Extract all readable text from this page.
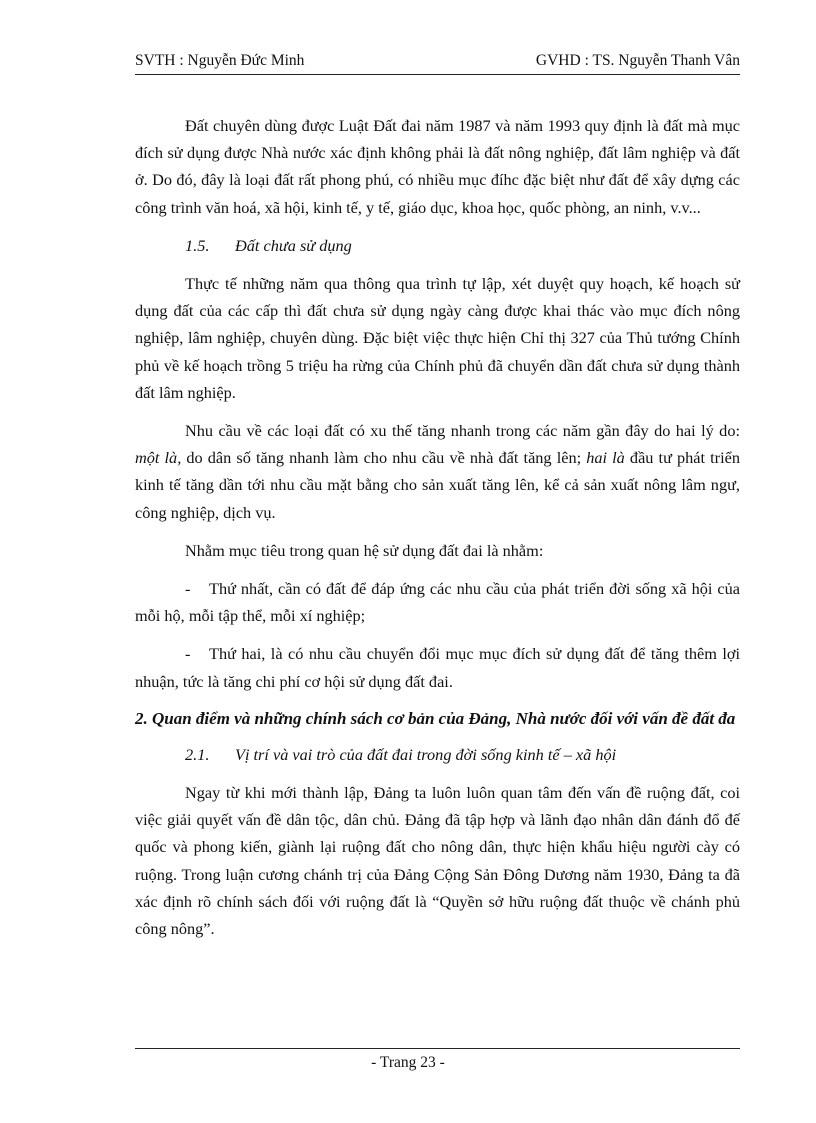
SVTH : Nguyễn Đức Minh	GVHD : TS. Nguyễn Thanh Vân

Đất chuyên dùng được Luật Đất đai năm 1987 và năm 1993 quy định là đất mà mục đích sử dụng được Nhà nước xác định không phải là đất nông nghiệp, đất lâm nghiệp và đất ở. Do đó, đây là loại đất rất phong phú, có nhiều mục đíhc đặc biệt như đất để xây dựng các công trình văn hoá, xã hội, kinh tế, y tế, giáo dục, khoa học, quốc phòng, an ninh, v.v...

1.5. Đất chưa sử dụng

Thực tế những năm qua thông qua trình tự lập, xét duyệt quy hoạch, kế hoạch sử dụng đất của các cấp thì đất chưa sử dụng ngày càng được khai thác vào mục đích nông nghiệp, lâm nghiệp, chuyên dùng. Đặc biệt việc thực hiện Chỉ thị 327 của Thủ tướng Chính phủ về kế hoạch trồng 5 triệu ha rừng của Chính phủ đã chuyển dần đất chưa sử dụng thành đất lâm nghiệp.

Nhu cầu về các loại đất có xu thế tăng nhanh trong các năm gần đây do hai lý do: một là, do dân số tăng nhanh làm cho nhu cầu về nhà đất tăng lên; hai là đầu tư phát triển kinh tế tăng dần tới nhu cầu mặt bằng cho sản xuất tăng lên, kể cả sản xuất nông lâm ngư, công nghiệp, dịch vụ.

Nhằm mục tiêu trong quan hệ sử dụng đất đai là nhằm:

- Thứ nhất, cần có đất để đáp ứng các nhu cầu của phát triển đời sống xã hội của mỗi hộ, mỗi tập thể, mỗi xí nghiệp;

- Thứ hai, là có nhu cầu chuyển đổi mục mục đích sử dụng đất để tăng thêm lợi nhuận, tức là tăng chi phí cơ hội sử dụng đất đai.

2. Quan điểm và những chính sách cơ bản của Đảng, Nhà nước đối với vấn đề đất đa

2.1. Vị trí và vai trò của đất đai trong đời sống kinh tế – xã hội

Ngay từ khi mới thành lập, Đảng ta luôn luôn quan tâm đến vấn đề ruộng đất, coi việc giải quyết vấn đề dân tộc, dân chủ. Đảng đã tập hợp và lãnh đạo nhân dân đánh đổ đế quốc và phong kiến, giành lại ruộng đất cho nông dân, thực hiện khẩu hiệu người cày có ruộng. Trong luận cương chánh trị của Đảng Cộng Sản Đông Dương năm 1930, Đảng ta đã xác định rõ chính sách đối với ruộng đất là “Quyền sở hữu ruộng đất thuộc về chánh phủ công nông”.

- Trang 23 -
